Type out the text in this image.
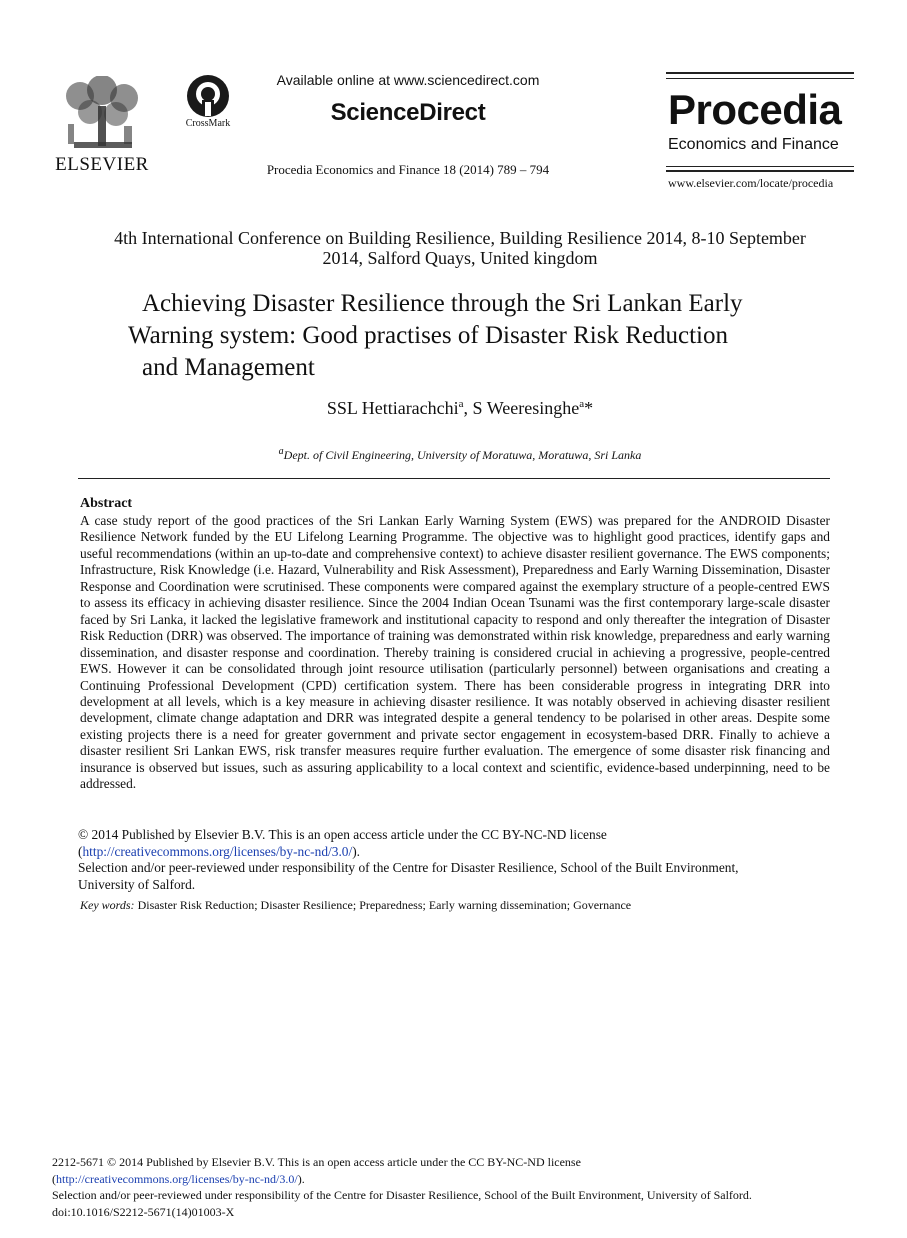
ELSEVIER
CrossMark
Available online at www.sciencedirect.com
ScienceDirect
Procedia Economics and Finance 18 (2014) 789 – 794
Procedia
Economics and Finance
www.elsevier.com/locate/procedia
4th International Conference on Building Resilience, Building Resilience 2014, 8-10 September
2014, Salford Quays, United kingdom
Achieving Disaster Resilience through the Sri Lankan Early
Warning system: Good practises of Disaster Risk Reduction
and Management
SSL Hettiarachchi$^a$, S Weeresinghe$^a$*
$^a$Dept. of Civil Engineering, University of Moratuwa, Moratuwa, Sri Lanka
Abstract
A case study report of the good practices of the Sri Lankan Early Warning System (EWS) was prepared for the ANDROID Disaster Resilience Network funded by the EU Lifelong Learning Programme. The objective was to highlight good practices, identify gaps and useful recommendations (within an up-to-date and comprehensive context) to achieve disaster resilient governance. The EWS components; Infrastructure, Risk Knowledge (i.e. Hazard, Vulnerability and Risk Assessment), Preparedness and Early Warning Dissemination, Disaster Response and Coordination were scrutinised. These components were compared against the exemplary structure of a people-centred EWS to assess its efficacy in achieving disaster resilience. Since the 2004 Indian Ocean Tsunami was the first contemporary large-scale disaster faced by Sri Lanka, it lacked the legislative framework and institutional capacity to respond and only thereafter the integration of Disaster Risk Reduction (DRR) was observed. The importance of training was demonstrated within risk knowledge, preparedness and early warning dissemination, and disaster response and coordination. Thereby training is considered crucial in achieving a progressive, people-centred EWS. However it can be consolidated through joint resource utilisation (particularly personnel) between organisations and creating a Continuing Professional Development (CPD) certification system. There has been considerable progress in integrating DRR into development at all levels, which is a key measure in achieving disaster resilience. It was notably observed in achieving disaster resilient development, climate change adaptation and DRR was integrated despite a general tendency to be polarised in other areas. Despite some existing projects there is a need for greater government and private sector engagement in ecosystem-based DRR. Finally to achieve a disaster resilient Sri Lankan EWS, risk transfer measures require further evaluation. The emergence of some disaster risk financing and insurance is observed but issues, such as assuring applicability to a local context and scientific, evidence-based underpinning, need to be addressed.
© 2014 Published by Elsevier B.V. This is an open access article under the CC BY-NC-ND license
(http://creativecommons.org/licenses/by-nc-nd/3.0/).
Selection and/or peer-reviewed under responsibility of the Centre for Disaster Resilience, School of the Built Environment,
University of Salford.
Key words: Disaster Risk Reduction; Disaster Resilience; Preparedness; Early warning dissemination; Governance
2212-5671 © 2014 Published by Elsevier B.V. This is an open access article under the CC BY-NC-ND license
(http://creativecommons.org/licenses/by-nc-nd/3.0/).
Selection and/or peer-reviewed under responsibility of the Centre for Disaster Resilience, School of the Built Environment, University of Salford.
doi:10.1016/S2212-5671(14)01003-X
